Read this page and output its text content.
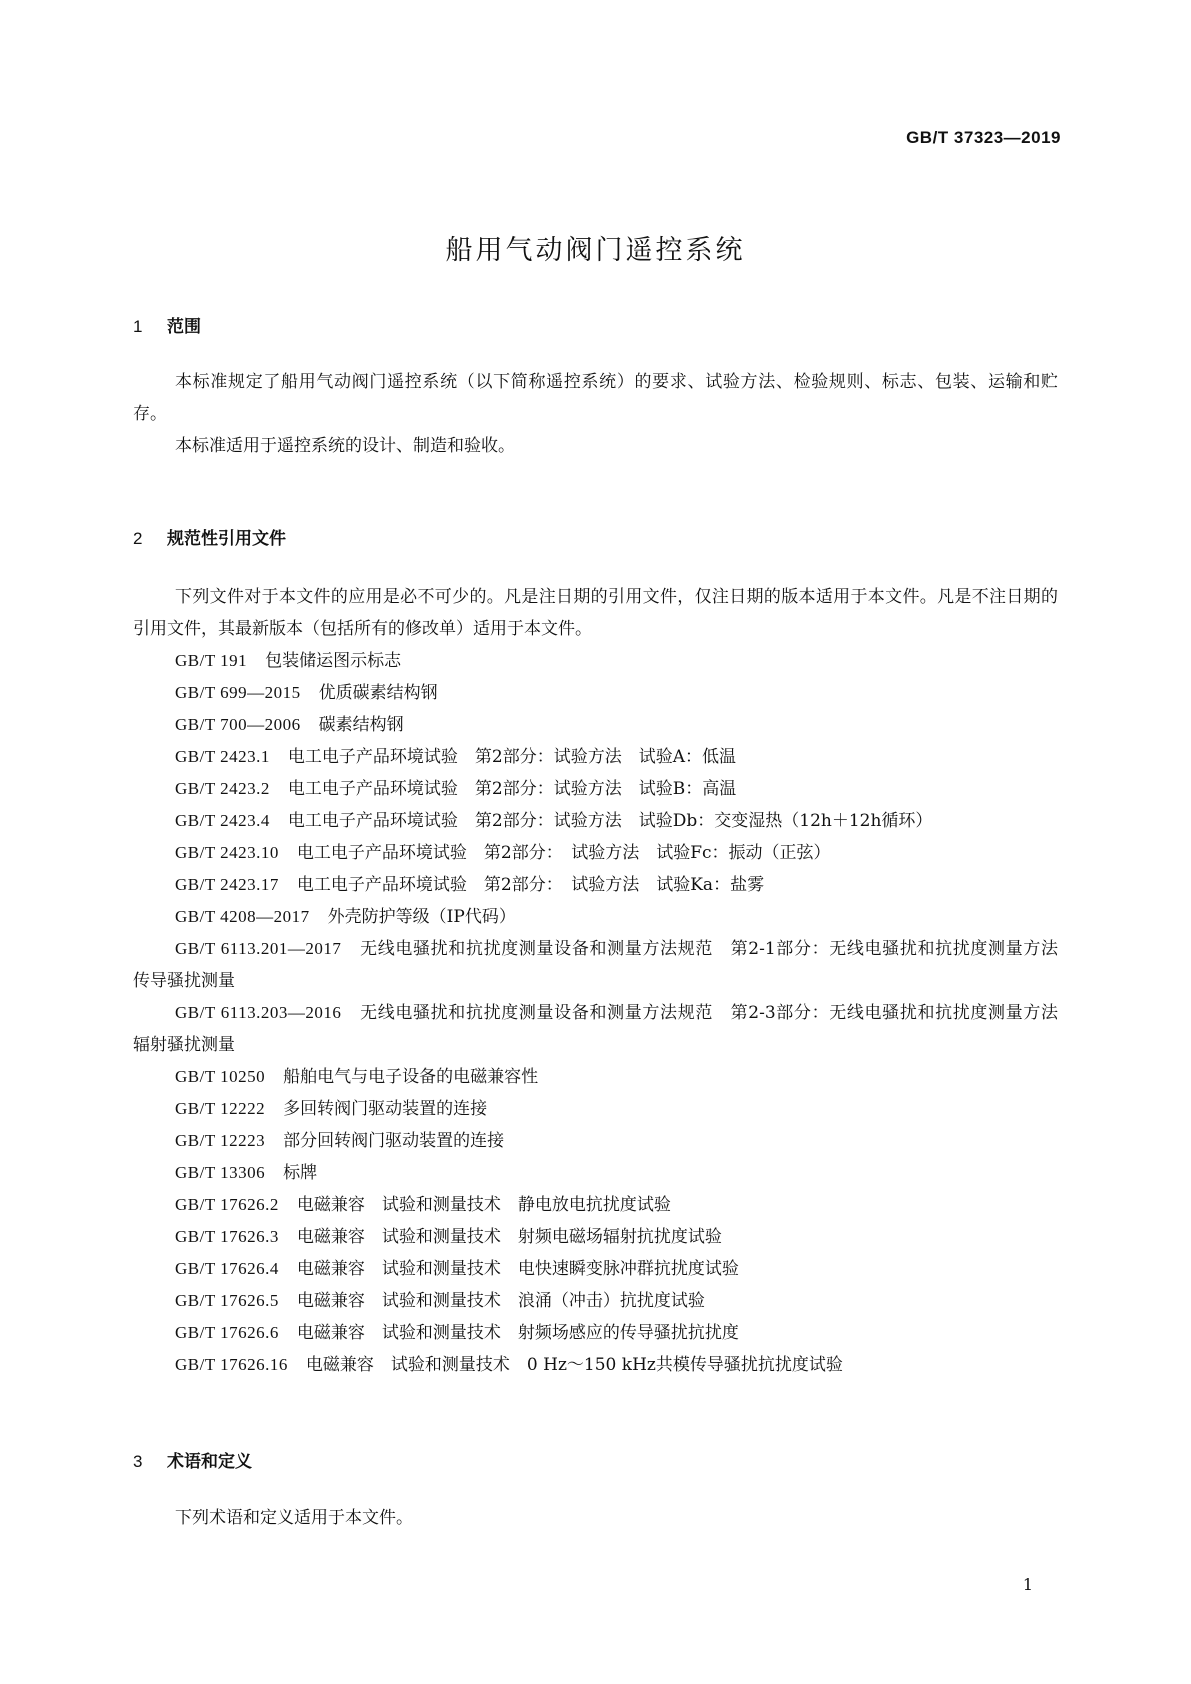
GB/T 37323—2019
船用气动阀门遥控系统
1 范围

本标准规定了船用气动阀门遥控系统（以下简称遥控系统）的要求、试验方法、检验规则、标志、包装、运输和贮存。

本标准适用于遥控系统的设计、制造和验收。

2 规范性引用文件

下列文件对于本文件的应用是必不可少的。凡是注日期的引用文件，仅注日期的版本适用于本文件。凡是不注日期的引用文件，其最新版本（包括所有的修改单）适用于本文件。

GB/T 191 包装储运图示标志
GB/T 699—2015 优质碳素结构钢
GB/T 700—2006 碳素结构钢
GB/T 2423.1 电工电子产品环境试验　第2部分：试验方法　试验A：低温
GB/T 2423.2 电工电子产品环境试验　第2部分：试验方法　试验B：高温
GB/T 2423.4 电工电子产品环境试验　第2部分：试验方法　试验Db：交变湿热（12h＋12h循环）
GB/T 2423.10 电工电子产品环境试验　第2部分：　试验方法　试验Fc：振动（正弦）
GB/T 2423.17 电工电子产品环境试验　第2部分：　试验方法　试验Ka：盐雾
GB/T 4208—2017 外壳防护等级（IP代码）
GB/T 6113.201—2017 无线电骚扰和抗扰度测量设备和测量方法规范　第2-1部分：无线电骚扰和抗扰度测量方法　传导骚扰测量
GB/T 6113.203—2016 无线电骚扰和抗扰度测量设备和测量方法规范　第2-3部分：无线电骚扰和抗扰度测量方法　辐射骚扰测量
GB/T 10250 船舶电气与电子设备的电磁兼容性
GB/T 12222 多回转阀门驱动装置的连接
GB/T 12223 部分回转阀门驱动装置的连接
GB/T 13306 标牌
GB/T 17626.2 电磁兼容　试验和测量技术　静电放电抗扰度试验
GB/T 17626.3 电磁兼容　试验和测量技术　射频电磁场辐射抗扰度试验
GB/T 17626.4 电磁兼容　试验和测量技术　电快速瞬变脉冲群抗扰度试验
GB/T 17626.5 电磁兼容　试验和测量技术　浪涌（冲击）抗扰度试验
GB/T 17626.6 电磁兼容　试验和测量技术　射频场感应的传导骚扰抗扰度
GB/T 17626.16 电磁兼容　试验和测量技术　0 Hz～150 kHz共模传导骚扰抗扰度试验
3 术语和定义

下列术语和定义适用于本文件。

1
